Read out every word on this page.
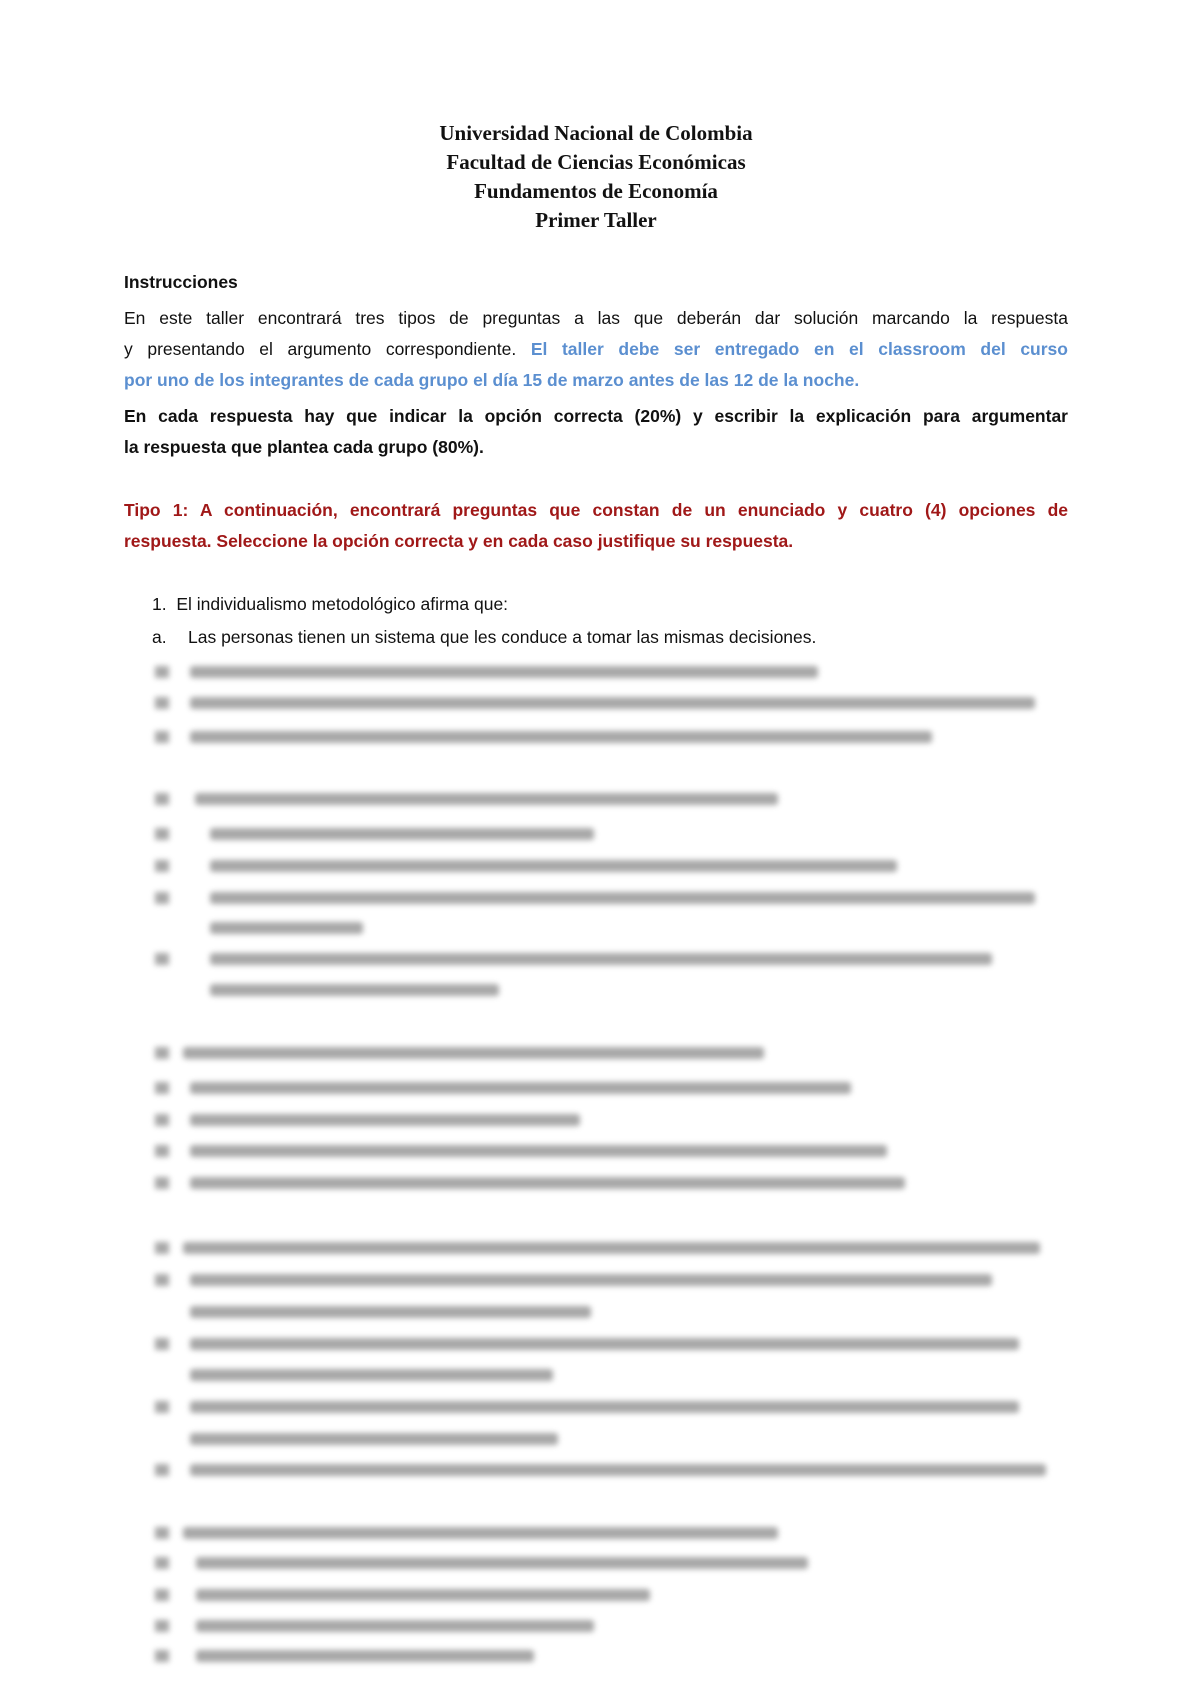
Universidad Nacional de Colombia
Facultad de Ciencias Económicas
Fundamentos de Economía
Primer Taller
Instrucciones
En este taller encontrará tres tipos de preguntas a las que deberán dar solución marcando la respuesta
y presentando el argumento correspondiente. El taller debe ser entregado en el classroom del curso
por uno de los integrantes de cada grupo el día 15 de marzo antes de las 12 de la noche.
En cada respuesta hay que indicar la opción correcta (20%) y escribir la explicación para argumentar
la respuesta que plantea cada grupo (80%).
Tipo 1: A continuación, encontrará preguntas que constan de un enunciado y cuatro (4) opciones de
respuesta. Seleccione la opción correcta y en cada caso justifique su respuesta.
1. El individualismo metodológico afirma que:
a.	Las personas tienen un sistema que les conduce a tomar las mismas decisiones.
